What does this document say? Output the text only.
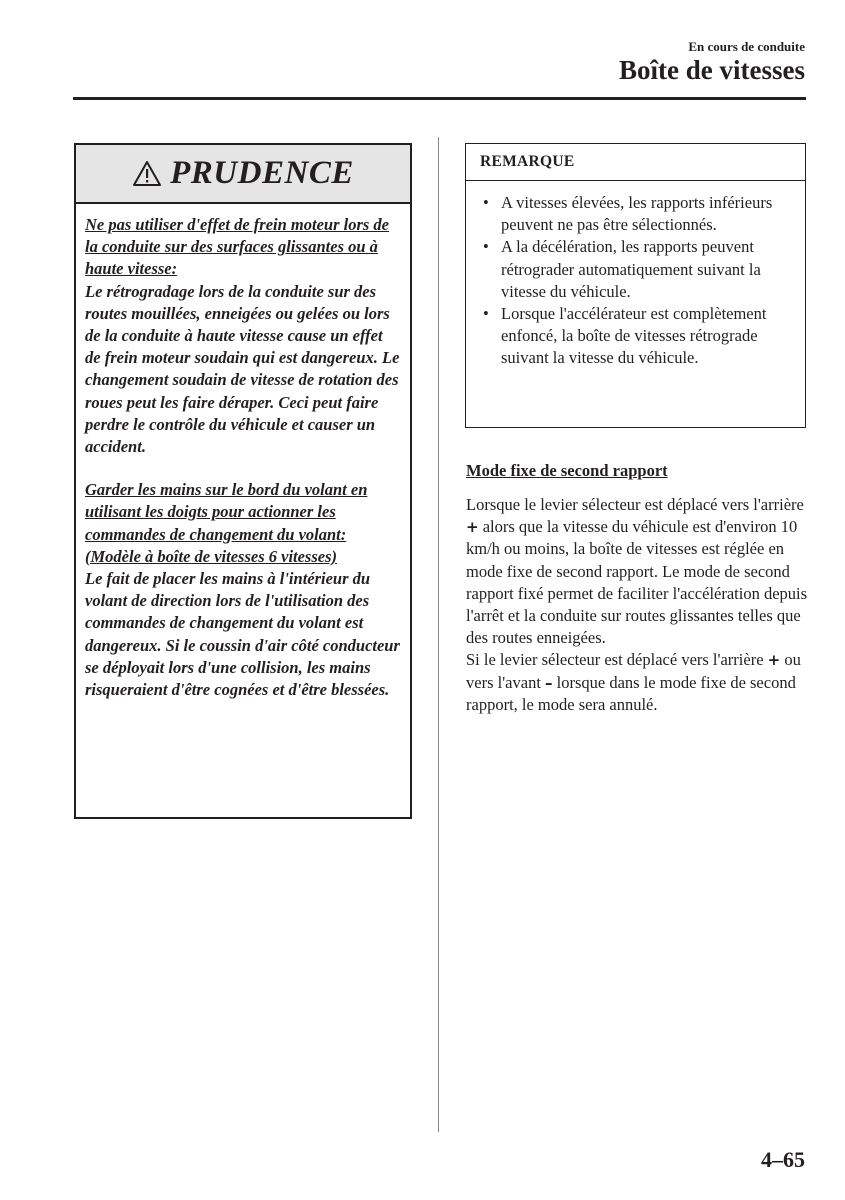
En cours de conduite
Boîte de vitesses
PRUDENCE

Ne pas utiliser d'effet de frein moteur lors de la conduite sur des surfaces glissantes ou à haute vitesse:
Le rétrogradage lors de la conduite sur des routes mouillées, enneigées ou gelées ou lors de la conduite à haute vitesse cause un effet de frein moteur soudain qui est dangereux. Le changement soudain de vitesse de rotation des roues peut les faire déraper. Ceci peut faire perdre le contrôle du véhicule et causer un accident.

Garder les mains sur le bord du volant en utilisant les doigts pour actionner les commandes de changement du volant: (Modèle à boîte de vitesses 6 vitesses)
Le fait de placer les mains à l'intérieur du volant de direction lors de l'utilisation des commandes de changement du volant est dangereux. Si le coussin d'air côté conducteur se déployait lors d'une collision, les mains risqueraient d'être cognées et d'être blessées.

REMARQUE
• A vitesses élevées, les rapports inférieurs peuvent ne pas être sélectionnés.
• A la décélération, les rapports peuvent rétrograder automatiquement suivant la vitesse du véhicule.
• Lorsque l'accélérateur est complètement enfoncé, la boîte de vitesses rétrograde suivant la vitesse du véhicule.
Mode fixe de second rapport
Lorsque le levier sélecteur est déplacé vers l'arrière + alors que la vitesse du véhicule est d'environ 10 km/h ou moins, la boîte de vitesses est réglée en mode fixe de second rapport. Le mode de second rapport fixé permet de faciliter l'accélération depuis l'arrêt et la conduite sur routes glissantes telles que des routes enneigées.
Si le levier sélecteur est déplacé vers l'arrière + ou vers l'avant – lorsque dans le mode fixe de second rapport, le mode sera annulé.
4–65
